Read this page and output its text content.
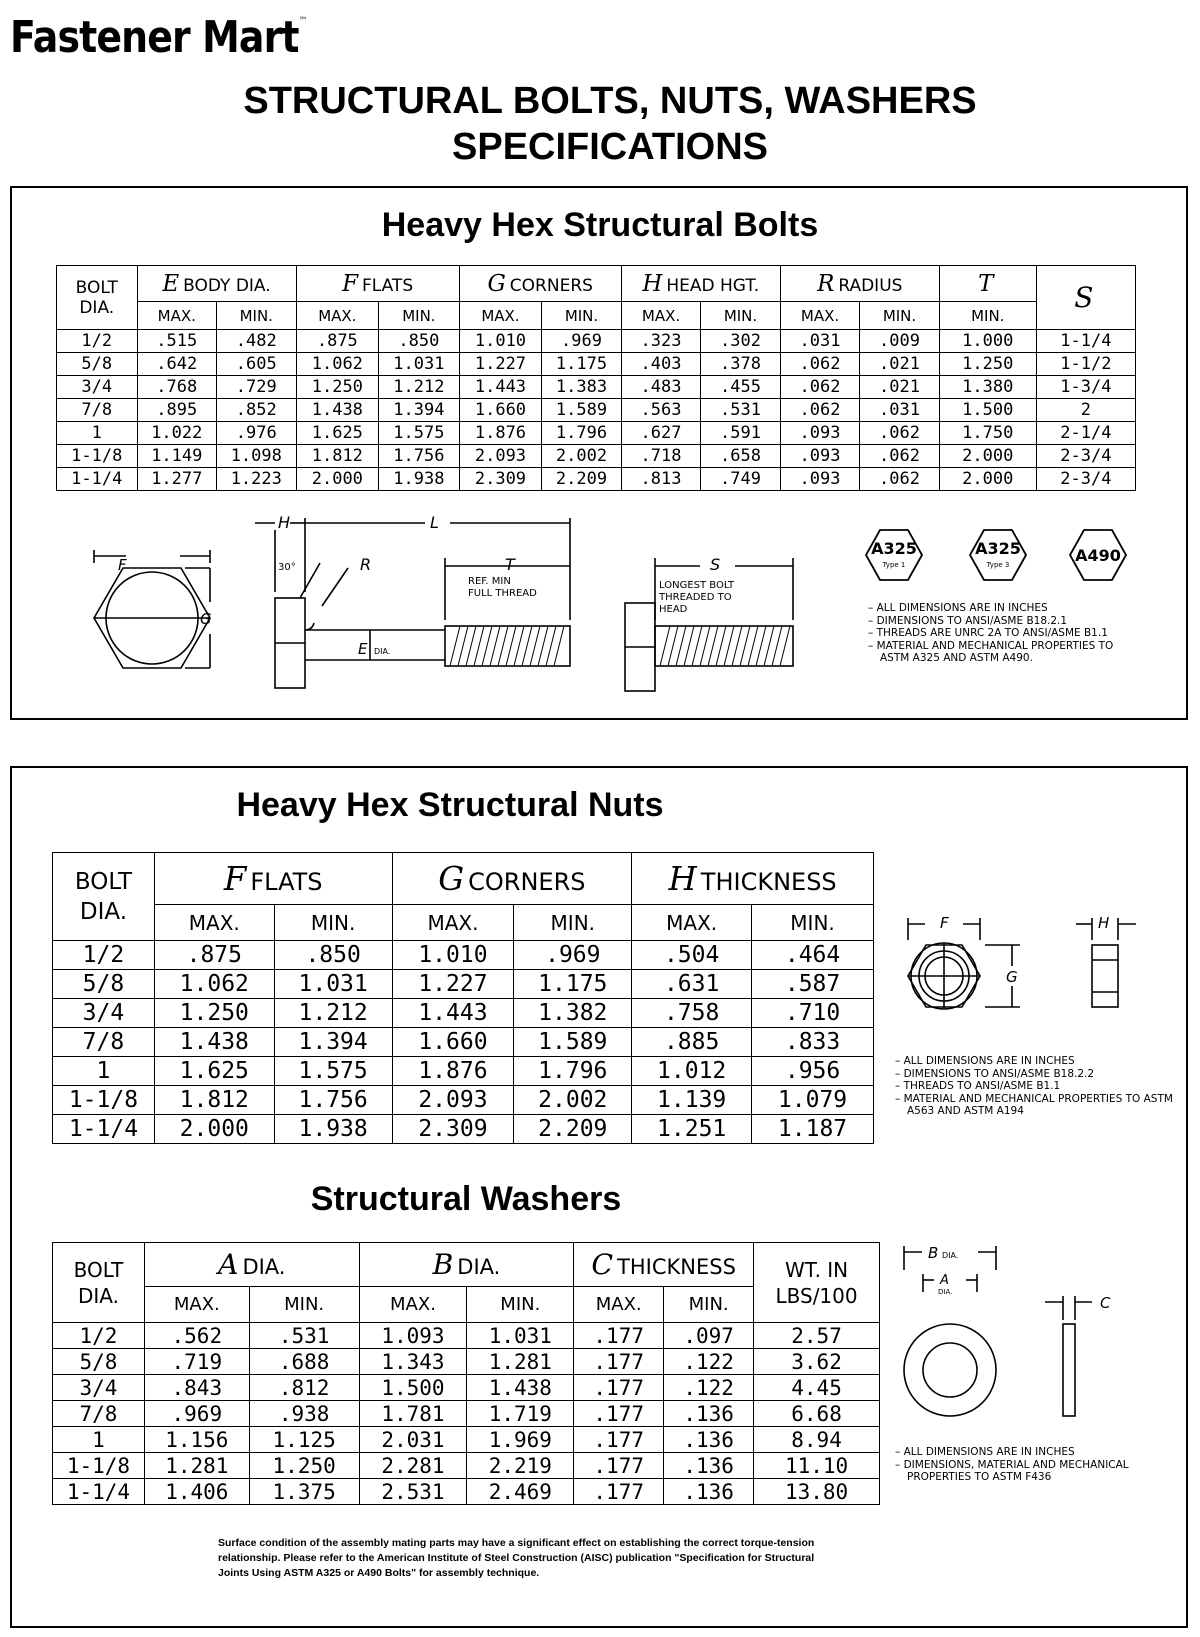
Fastener Mart™
STRUCTURAL BOLTS, NUTS, WASHERS
SPECIFICATIONS
Heavy Hex Structural Bolts
BOLT
DIA.	E BODY DIA.		F FLATS		G CORNERS		H HEAD HGT.		R RADIUS		T	S
	MAX.	MIN.	MAX.	MIN.	MAX.	MIN.	MAX.	MIN.	MAX.	MIN.	MIN.	
1/2	.515	.482	.875	.850	1.010	.969	.323	.302	.031	.009	1.000	1-1/4
5/8	.642	.605	1.062	1.031	1.227	1.175	.403	.378	.062	.021	1.250	1-1/2
3/4	.768	.729	1.250	1.212	1.443	1.383	.483	.455	.062	.021	1.380	1-3/4
7/8	.895	.852	1.438	1.394	1.660	1.589	.563	.531	.062	.031	1.500	2
1	1.022	.976	1.625	1.575	1.876	1.796	.627	.591	.093	.062	1.750	2-1/4
1-1/8	1.149	1.098	1.812	1.756	2.093	2.002	.718	.658	.093	.062	2.000	2-3/4
1-1/4	1.277	1.223	2.000	1.938	2.309	2.209	.813	.749	.093	.062	2.000	2-3/4
H	L
F
G
30°	R	T
REF. MIN
FULL THREAD
E DIA.
S
LONGEST BOLT
THREADED TO
HEAD
A325
Type 1
A325
Type 3	A490
– ALL DIMENSIONS ARE IN INCHES
– DIMENSIONS TO ANSI/ASME B18.2.1
– THREADS ARE UNRC 2A TO ANSI/ASME B1.1
– MATERIAL AND MECHANICAL PROPERTIES TO ASTM A325 AND ASTM A490.
Heavy Hex Structural Nuts
BOLT
DIA.	F FLATS		G CORNERS		H THICKNESS	
	MAX.	MIN.	MAX.	MIN.	MAX.	MIN.
1/2	.875	.850	1.010	.969	.504	.464
5/8	1.062	1.031	1.227	1.175	.631	.587
3/4	1.250	1.212	1.443	1.382	.758	.710
7/8	1.438	1.394	1.660	1.589	.885	.833
1	1.625	1.575	1.876	1.796	1.012	.956
1-1/8	1.812	1.756	2.093	2.002	1.139	1.079
1-1/4	2.000	1.938	2.309	2.209	1.251	1.187
F
G
H
– ALL DIMENSIONS ARE IN INCHES
– DIMENSIONS TO ANSI/ASME B18.2.2
– THREADS TO ANSI/ASME B1.1
– MATERIAL AND MECHANICAL PROPERTIES TO ASTM A563 AND ASTM A194
Structural Washers
BOLT
DIA.	A DIA.		B DIA.		C THICKNESS		WT. IN
LBS/100
	MAX.	MIN.	MAX.	MIN.	MAX.	MIN.	
1/2	.562	.531	1.093	1.031	.177	.097	2.57
5/8	.719	.688	1.343	1.281	.177	.122	3.62
3/4	.843	.812	1.500	1.438	.177	.122	4.45
7/8	.969	.938	1.781	1.719	.177	.136	6.68
1	1.156	1.125	2.031	1.969	.177	.136	8.94
1-1/8	1.281	1.250	2.281	2.219	.177	.136	11.10
1-1/4	1.406	1.375	2.531	2.469	.177	.136	13.80
B DIA.
A
DIA.
C
– ALL DIMENSIONS ARE IN INCHES
– DIMENSIONS, MATERIAL AND MECHANICAL PROPERTIES TO ASTM F436
Surface condition of the assembly mating parts may have a significant effect on establishing the correct torque-tension relationship. Please refer to the American Institute of Steel Construction (AISC) publication "Specification for Structural Joints Using ASTM A325 or A490 Bolts" for assembly technique.
